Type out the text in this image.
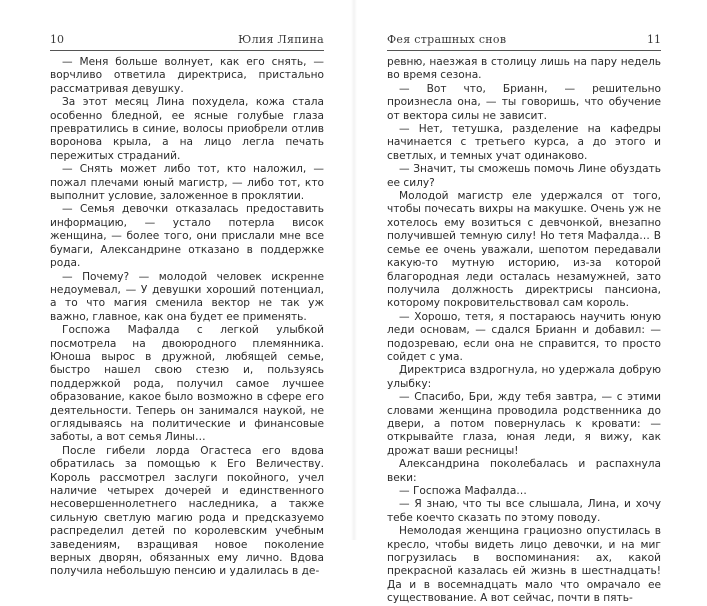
10	Юлия Ляпина

— Меня больше волнует, как его снять, — ворчливо ответила директриса, пристально рассматривая девушку.

За этот месяц Лина похудела, кожа стала особенно бледной, ее ясные голубые глаза превратились в синие, волосы приобрели отлив воронова крыла, а на лицо легла печать пережитых страданий.

— Снять может либо тот, кто наложил, — пожал плечами юный магистр, — либо тот, кто выполнит условие, заложенное в проклятии.

— Семья девочки отказалась предоставить информацию, — устало потерла висок женщина, — более того, они прислали мне все бумаги, Александрине отказано в поддержке рода.

— Почему? — молодой человек искренне недоумевал, — У девушки хороший потенциал, а то что магия сменила вектор не так уж важно, главное, как она будет ее применять.

Госпожа Мафалда с легкой улыбкой посмотрела на двоюродного племянника. Юноша вырос в дружной, любящей семье, быстро нашел свою стезю и, пользуясь поддержкой рода, получил самое лучшее образование, какое было возможно в сфере его деятельности. Теперь он занимался наукой, не оглядываясь на политические и финансовые заботы, а вот семья Лины…

После гибели лорда Огастеса его вдова обратилась за помощью к Его Величеству. Король рассмотрел заслуги покойного, учел наличие четырех дочерей и единственного несовершеннолетнего наследника, а также сильную светлую магию рода и предсказуемо распределил детей по королевским учебным заведениям, взращивая новое поколение верных дворян, обязанных ему лично. Вдова получила небольшую пенсию и удалилась в де-

Фея страшных снов	11

ревню, наезжая в столицу лишь на пару недель во время сезона.

— Вот что, Брианн, — решительно произнесла она, — ты говоришь, что обучение от вектора силы не зависит.

— Нет, тетушка, разделение на кафедры начинается с третьего курса, а до этого и светлых, и темных учат одинаково.

— Значит, ты сможешь помочь Лине обуздать ее силу?

Молодой магистр еле удержался от того, чтобы почесать вихры на макушке. Очень уж не хотелось ему возиться с девчонкой, внезапно получившей темную силу! Но тетя Мафалда… В семье ее очень уважали, шепотом передавали какую-то мутную историю, из-за которой благородная леди осталась незамужней, зато получила должность директрисы пансиона, которому покровительствовал сам король.

— Хорошо, тетя, я постараюсь научить юную леди основам, — сдался Брианн и добавил: — подозреваю, если она не справится, то просто сойдет с ума.

Директриса вздрогнула, но удержала добрую улыбку:

— Спасибо, Бри, жду тебя завтра, — с этими словами женщина проводила родственника до двери, а потом повернулась к кровати: — открывайте глаза, юная леди, я вижу, как дрожат ваши ресницы!

Александрина поколебалась и распахнула веки:

— Госпожа Мафалда…

— Я знаю, что ты все слышала, Лина, и хочу тебе коечто сказать по этому поводу.

Немолодая женщина грациозно опустилась в кресло, чтобы видеть лицо девочки, и на миг погрузилась в воспоминания: ах, какой прекрасной казалась ей жизнь в шестнадцать! Да и в восемнадцать мало что омрачало ее существование. А вот сейчас, почти в пять-
